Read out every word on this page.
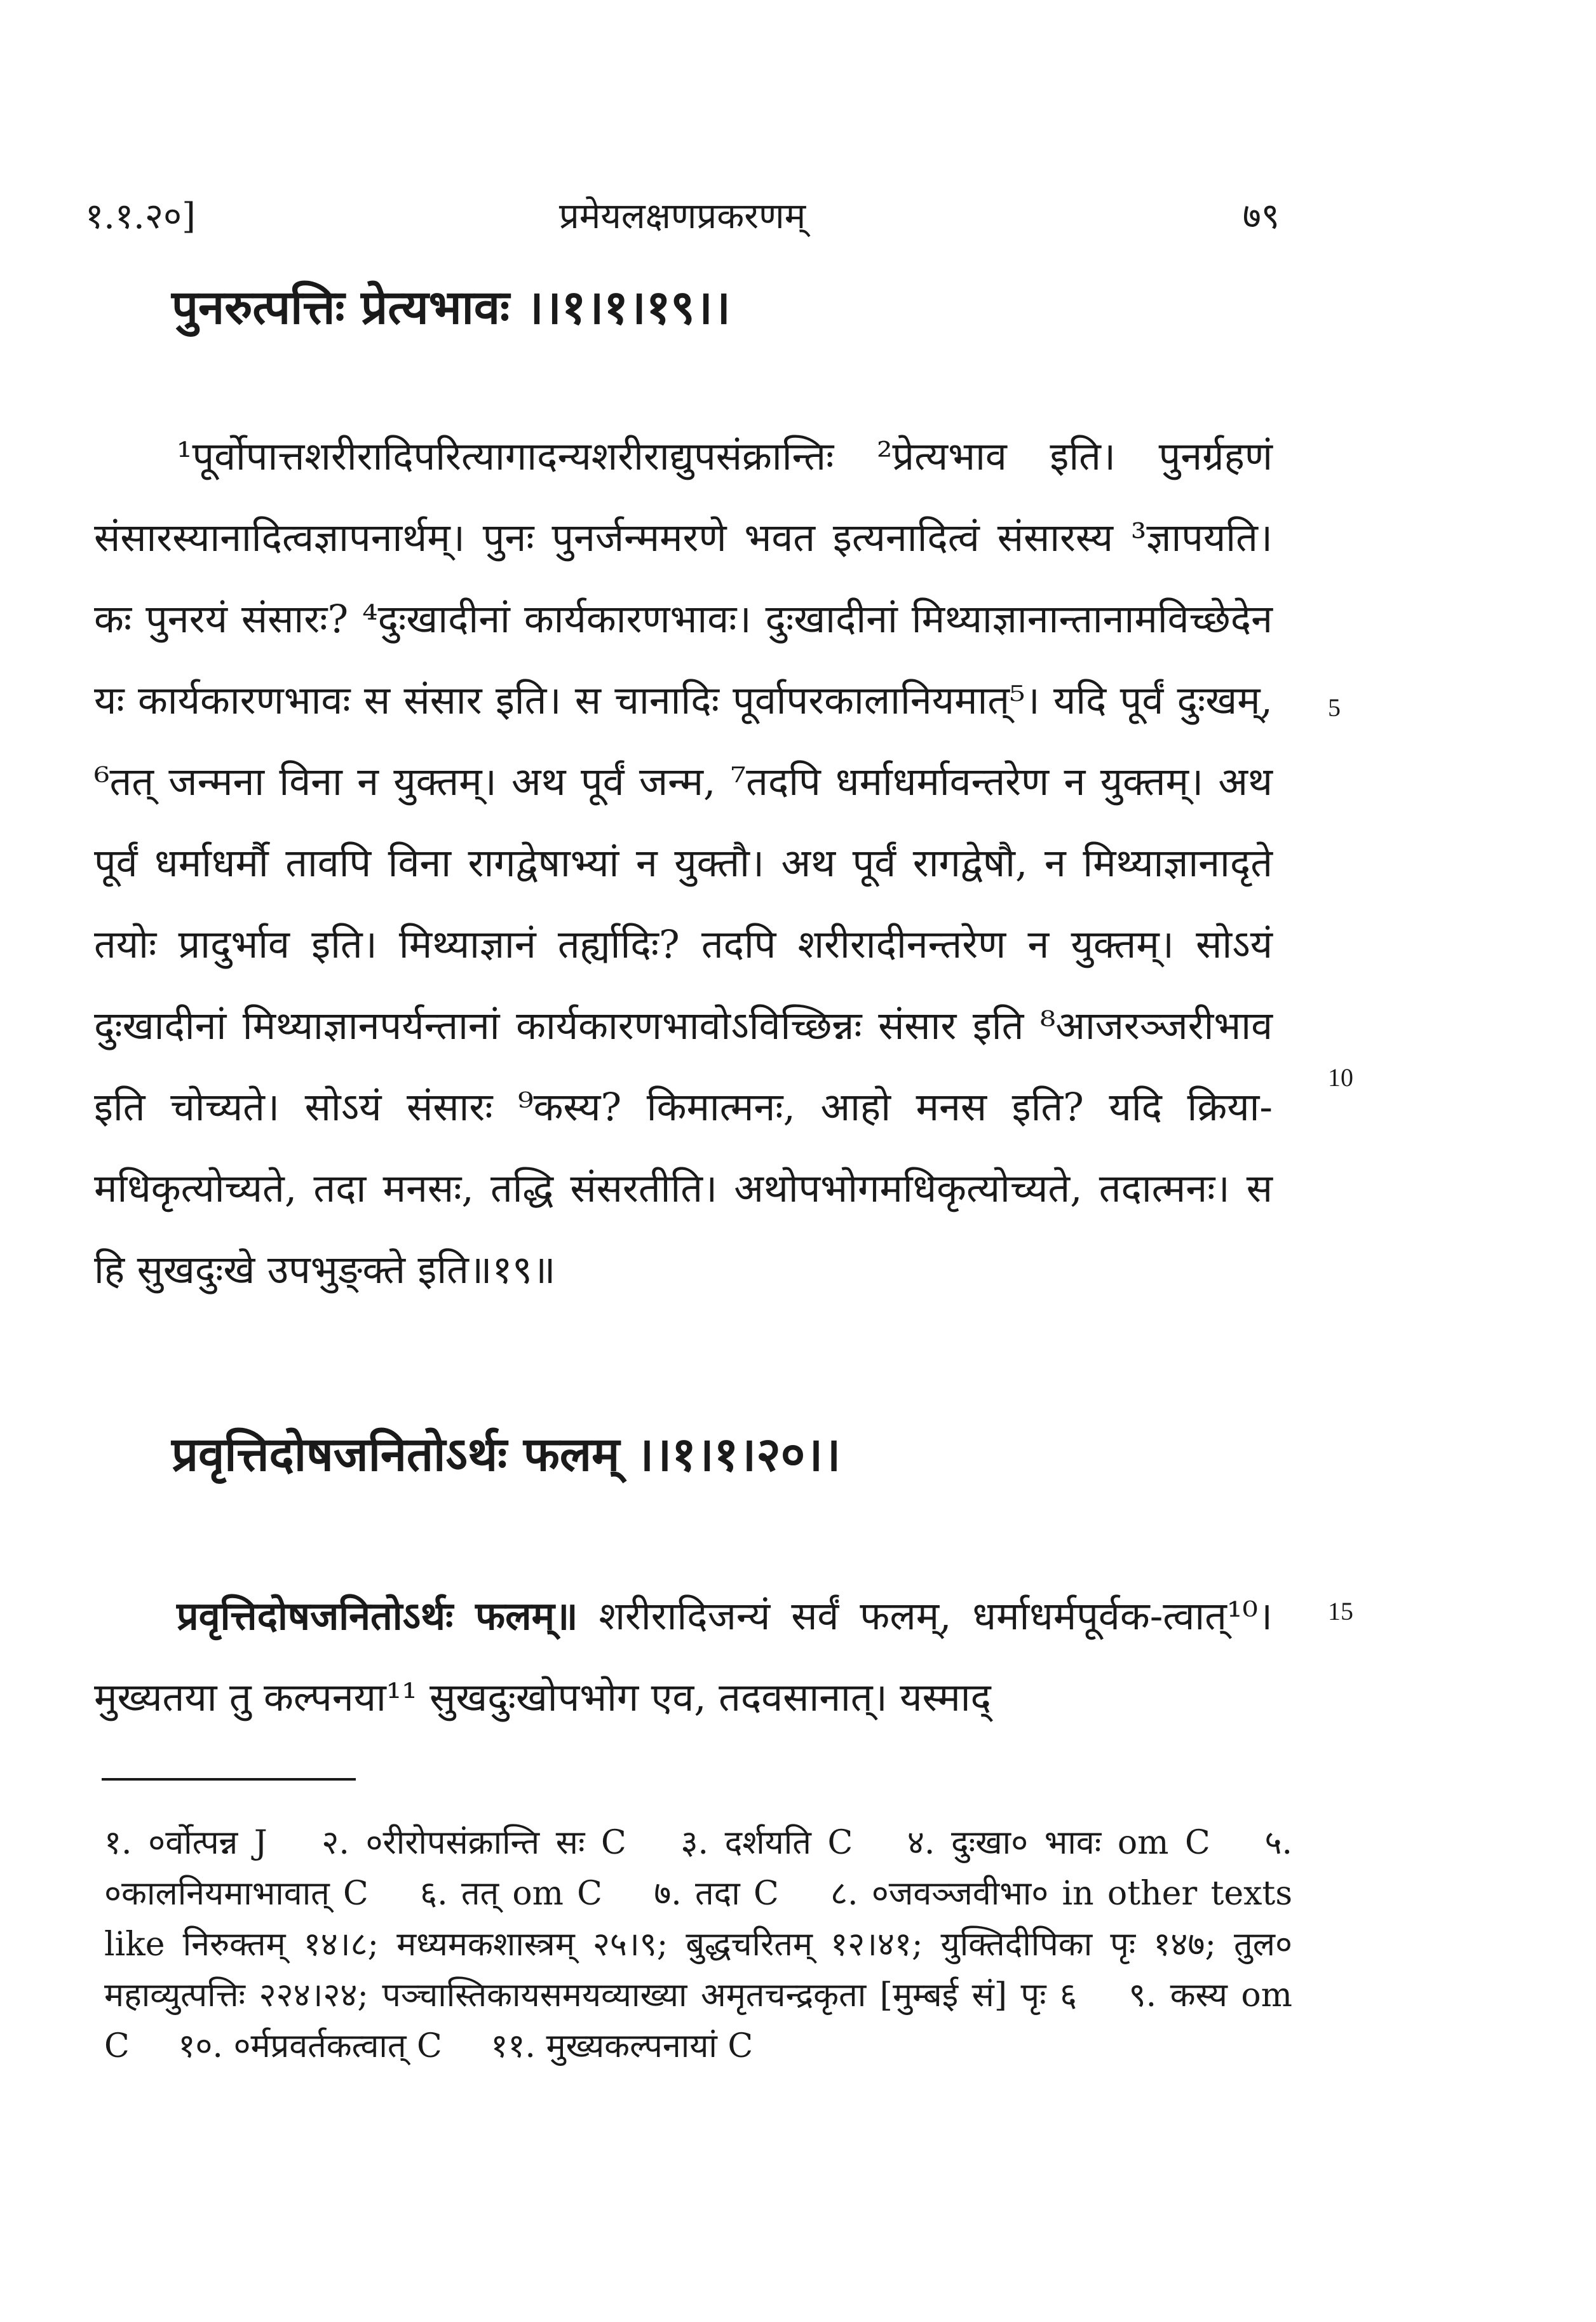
१.१.२०]	प्रमेयलक्षणप्रकरणम्	७९
पुनरुत्पत्तिः प्रेत्यभावः ।।१।१।१९।।
¹पूर्वोपात्तशरीरादिपरित्यागादन्यशरीराद्युपसंक्रान्तिः ²प्रेत्यभाव इति। पुनर्ग्रहणं संसारस्यानादित्वज्ञापनार्थम्। पुनः पुनर्जन्ममरणे भवत इत्यनादित्वं संसारस्य ³ज्ञापयति। कः पुनरयं संसारः? ⁴दुःखादीनां कार्यकारणभावः। दुःखादीनां मिथ्याज्ञानान्तानामविच्छेदेन यः कार्यकारणभावः स संसार इति। स चानादिः पूर्वापरकालानियमात्⁵। यदि पूर्वं दुःखम्, ⁶तत् जन्मना विना न युक्तम्। अथ पूर्वं जन्म, ⁷तदपि धर्माधर्मावन्तरेण न युक्तम्। अथ पूर्वं धर्माधर्मौ तावपि विना रागद्वेषाभ्यां न युक्तौ। अथ पूर्वं रागद्वेषौ, न मिथ्याज्ञानादृते तयोः प्रादुर्भाव इति। मिथ्याज्ञानं तर्ह्यादिः? तदपि शरीरादीनन्तरेण न युक्तम्। सोऽयं दुःखादीनां मिथ्याज्ञानपर्यन्तानां कार्यकारणभावोऽविच्छिन्नः संसार इति ⁸आजरञ्जरीभाव इति चोच्यते। सोऽयं संसारः ⁹कस्य? किमात्मनः, आहो मनस इति? यदि क्रिया-मधिकृत्योच्यते, तदा मनसः, तद्धि संसरतीति। अथोपभोगमधिकृत्योच्यते, तदात्मनः। स हि सुखदुःखे उपभुङ्क्ते इति॥१९॥
5
10
प्रवृत्तिदोषजनितोऽर्थः फलम् ।।१।१।२०।।
प्रवृत्तिदोषजनितोऽर्थः फलम्॥ शरीरादिजन्यं सर्वं फलम्, धर्माधर्मपूर्वक-त्वात्¹⁰। मुख्यतया तु कल्पनया¹¹ सुखदुःखोपभोग एव, तदवसानात्। यस्माद्
15
१. ०र्वोत्पन्न J २. ०रीरोपसंक्रान्ति सः C ३. दर्शयति C ४. दुःखा० भावः om C ५. ०कालनियमाभावात् C ६. तत् om C ७. तदा C ८. ०जवञ्जवीभा० in other texts like निरुक्तम् १४।८; मध्यमकशास्त्रम् २५।९; बुद्धचरितम् १२।४१; युक्तिदीपिका पृः १४७; तुल० महाव्युत्पत्तिः २२४।२४; पञ्चास्तिकायसमयव्याख्या अमृतचन्द्रकृता [मुम्बई सं] पृः ६ ९. कस्य om C १०. ०र्मप्रवर्तकत्वात् C ११. मुख्यकल्पनायां C
